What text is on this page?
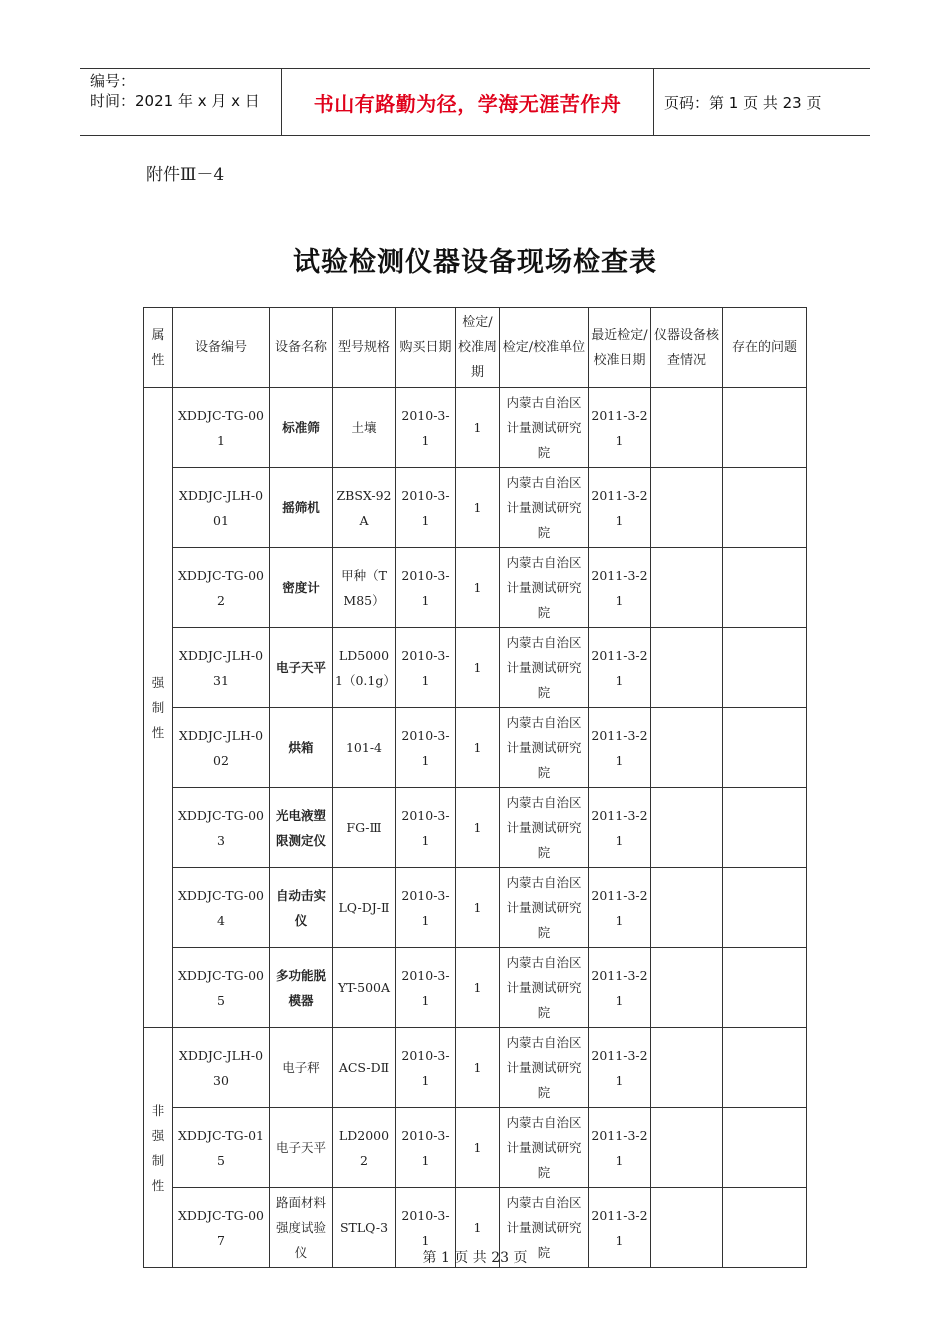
编号：
时间：2021 年 x 月 x 日	书山有路勤为径，学海无涯苦作舟	页码：第 1 页 共 23 页
附件Ⅲ－4
试验检测仪器设备现场检查表
属性	设备编号	设备名称	型号规格	购买日期	检定/校准周期	检定/校准单位	最近检定/校准日期	仪器设备核查情况	存在的问题
强制性	XDDJC-TG-001	标准筛	土壤	2010-3-1	1	内蒙古自治区计量测试研究院	2011-3-21		
	XDDJC-JLH-001	摇筛机	ZBSX-92A	2010-3-1	1	内蒙古自治区计量测试研究院	2011-3-21		
	XDDJC-TG-002	密度计	甲种（TM85）	2010-3-1	1	内蒙古自治区计量测试研究院	2011-3-21		
	XDDJC-JLH-031	电子天平	LD50001（0.1g）	2010-3-1	1	内蒙古自治区计量测试研究院	2011-3-21		
	XDDJC-JLH-002	烘箱	101-4	2010-3-1	1	内蒙古自治区计量测试研究院	2011-3-21		
	XDDJC-TG-003	光电液塑限测定仪	FG-Ⅲ	2010-3-1	1	内蒙古自治区计量测试研究院	2011-3-21		
	XDDJC-TG-004	自动击实仪	LQ-DJ-Ⅱ	2010-3-1	1	内蒙古自治区计量测试研究院	2011-3-21		
	XDDJC-TG-005	多功能脱模器	YT-500A	2010-3-1	1	内蒙古自治区计量测试研究院	2011-3-21		
非强制性	XDDJC-JLH-030	电子秤	ACS-DⅡ	2010-3-1	1	内蒙古自治区计量测试研究院	2011-3-21		
	XDDJC-TG-015	电子天平	LD20002	2010-3-1	1	内蒙古自治区计量测试研究院	2011-3-21		
	XDDJC-TG-007	路面材料强度试验仪	STLQ-3	2010-3-1	1	内蒙古自治区计量测试研究院	2011-3-21		
第 1 页 共 23 页
